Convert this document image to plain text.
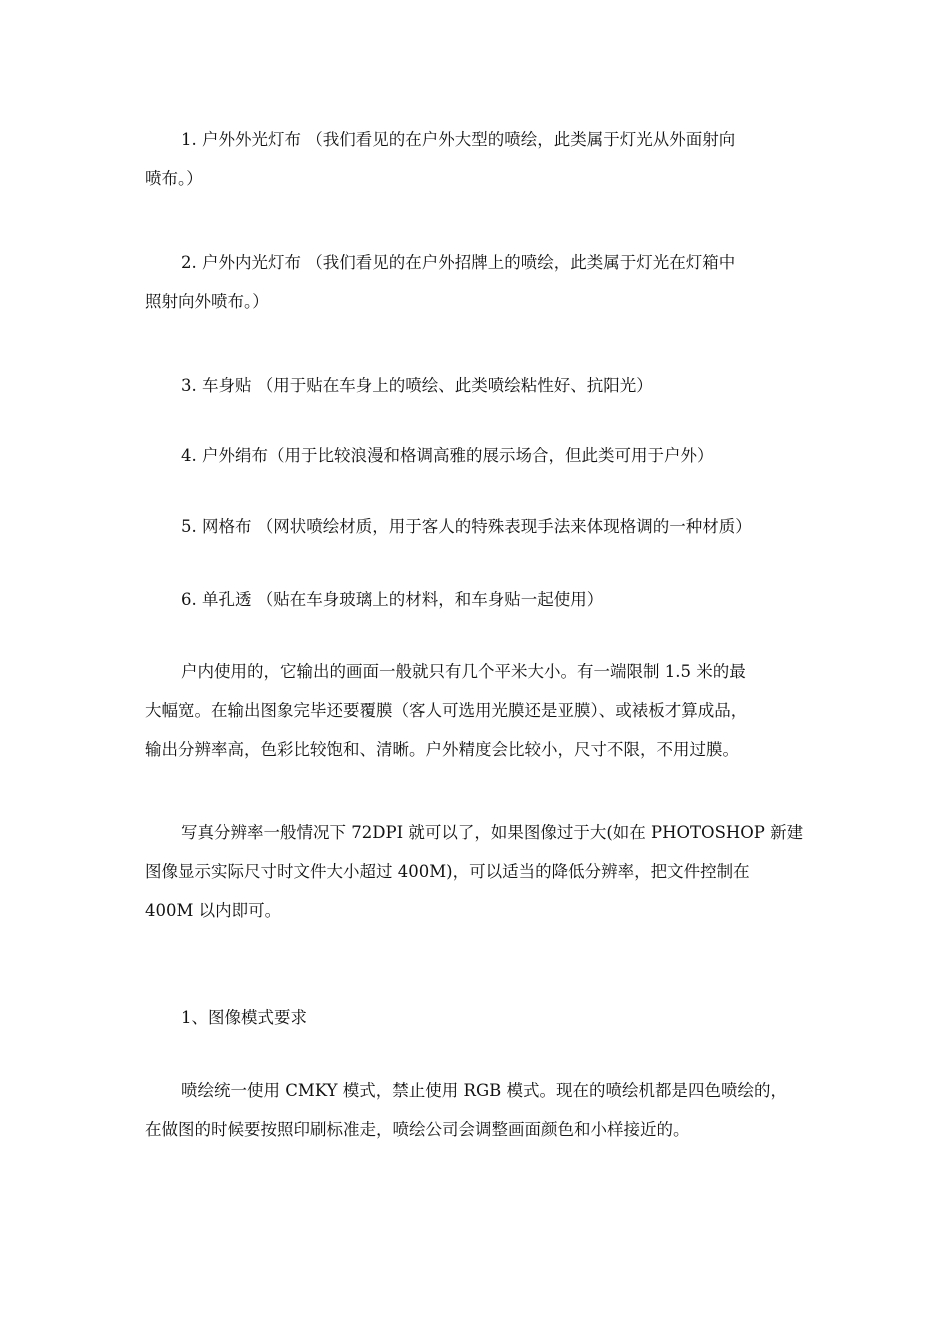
1. 户外外光灯布 （我们看见的在户外大型的喷绘，此类属于灯光从外面射向
喷布。）

2. 户外内光灯布 （我们看见的在户外招牌上的喷绘，此类属于灯光在灯箱中
照射向外喷布。）

3. 车身贴 （用于贴在车身上的喷绘、此类喷绘粘性好、抗阳光）

4. 户外绢布（用于比较浪漫和格调高雅的展示场合，但此类可用于户外）

5. 网格布 （网状喷绘材质，用于客人的特殊表现手法来体现格调的一种材质）

6. 单孔透 （贴在车身玻璃上的材料，和车身贴一起使用）

户内使用的，它输出的画面一般就只有几个平米大小。有一端限制 1.5 米的最
大幅宽。在输出图象完毕还要覆膜（客人可选用光膜还是亚膜）、或裱板才算成品，
输出分辨率高，色彩比较饱和、清晰。户外精度会比较小，尺寸不限，不用过膜。

写真分辨率一般情况下 72DPI 就可以了，如果图像过于大(如在 PHOTOSHOP 新建
图像显示实际尺寸时文件大小超过 400M)，可以适当的降低分辨率，把文件控制在
400M 以内即可。

1、图像模式要求

喷绘统一使用 CMKY 模式，禁止使用 RGB 模式。现在的喷绘机都是四色喷绘的，
在做图的时候要按照印刷标准走，喷绘公司会调整画面颜色和小样接近的。
